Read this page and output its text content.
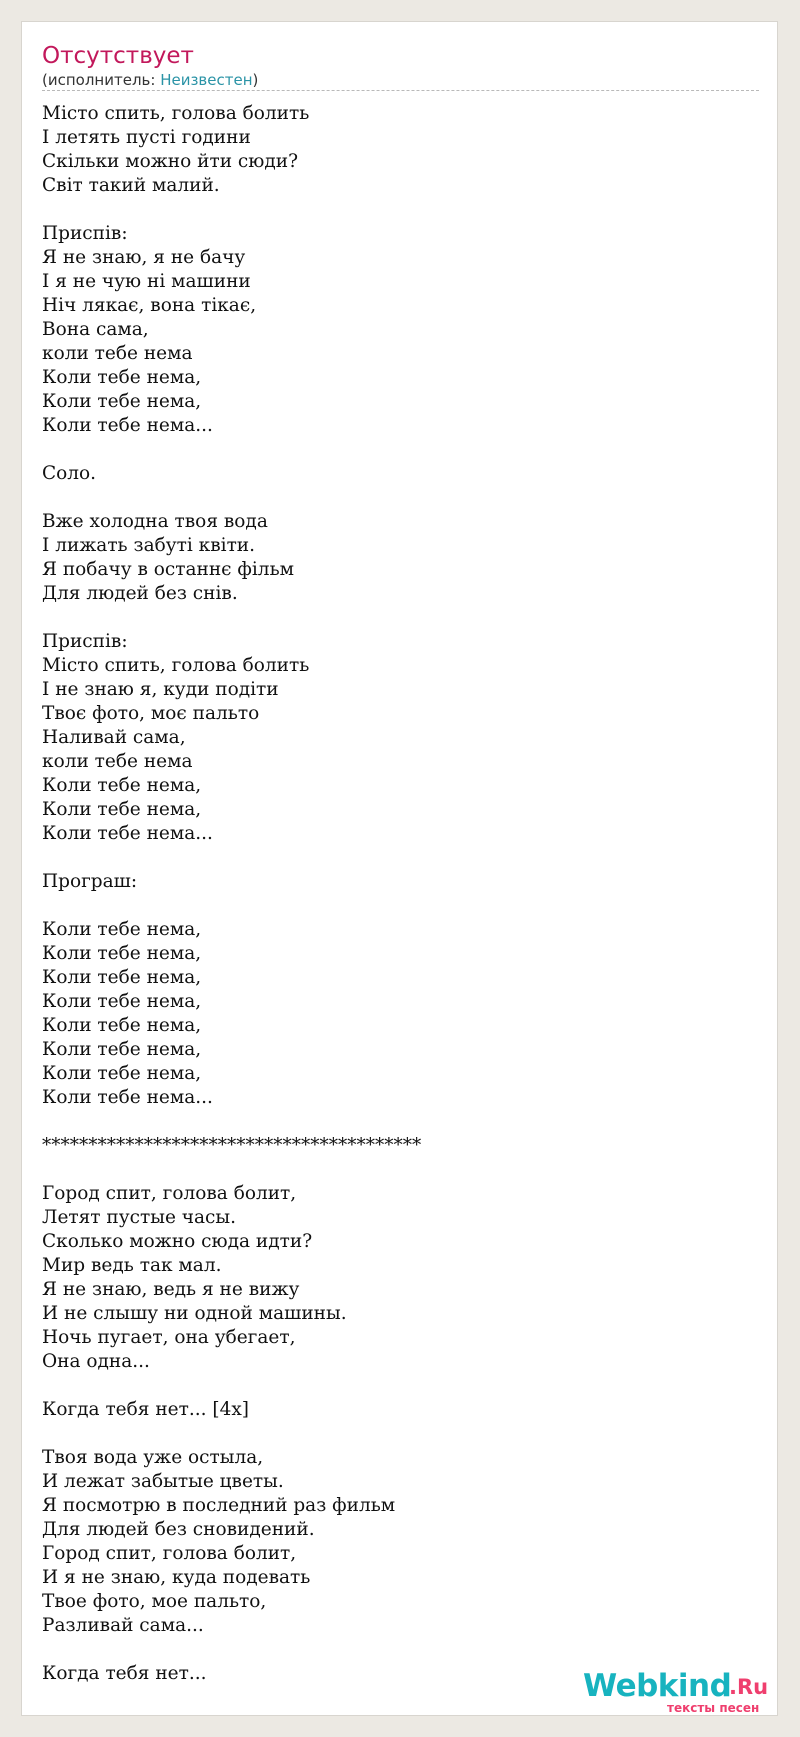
Отсутствует
(исполнитель: Неизвестен)
Місто спить, голова болить
І летять пусті години
Скільки можно йти сюди?
Світ такий малий.

Приспів:
Я не знаю, я не бачу
І я не чую ні машини
Ніч лякає, вона тікає,
Вона сама,
коли тебе нема
Коли тебе нема,
Коли тебе нема,
Коли тебе нема...

Соло.

Вже холодна твоя вода
І лижать забуті квіти.
Я побачу в останнє фільм
Для людей без снів.

Приспів:
Місто спить, голова болить
І не знаю я, куди подіти
Твоє фото, моє пальто
Наливай сама,
коли тебе нема
Коли тебе нема,
Коли тебе нема,
Коли тебе нема...

Програш:

Коли тебе нема,
Коли тебе нема,
Коли тебе нема,
Коли тебе нема,
Коли тебе нема,
Коли тебе нема,
Коли тебе нема,
Коли тебе нема...

*****************************************

Город спит, голова болит,
Летят пустые часы.
Сколько можно сюда идти?
Мир ведь так мал.
Я не знаю, ведь я не вижу
И не слышу ни одной машины.
Ночь пугает, она убегает,
Она одна...

Когда тебя нет... [4x]

Твоя вода уже остыла,
И лежат забытые цветы.
Я посмотрю в последний раз фильм
Для людей без сновидений.
Город спит, голова болит,
И я не знаю, куда подевать
Твое фото, мое пальто,
Разливай сама...

Когда тебя нет...	Webkind
.Ru
тексты песен
